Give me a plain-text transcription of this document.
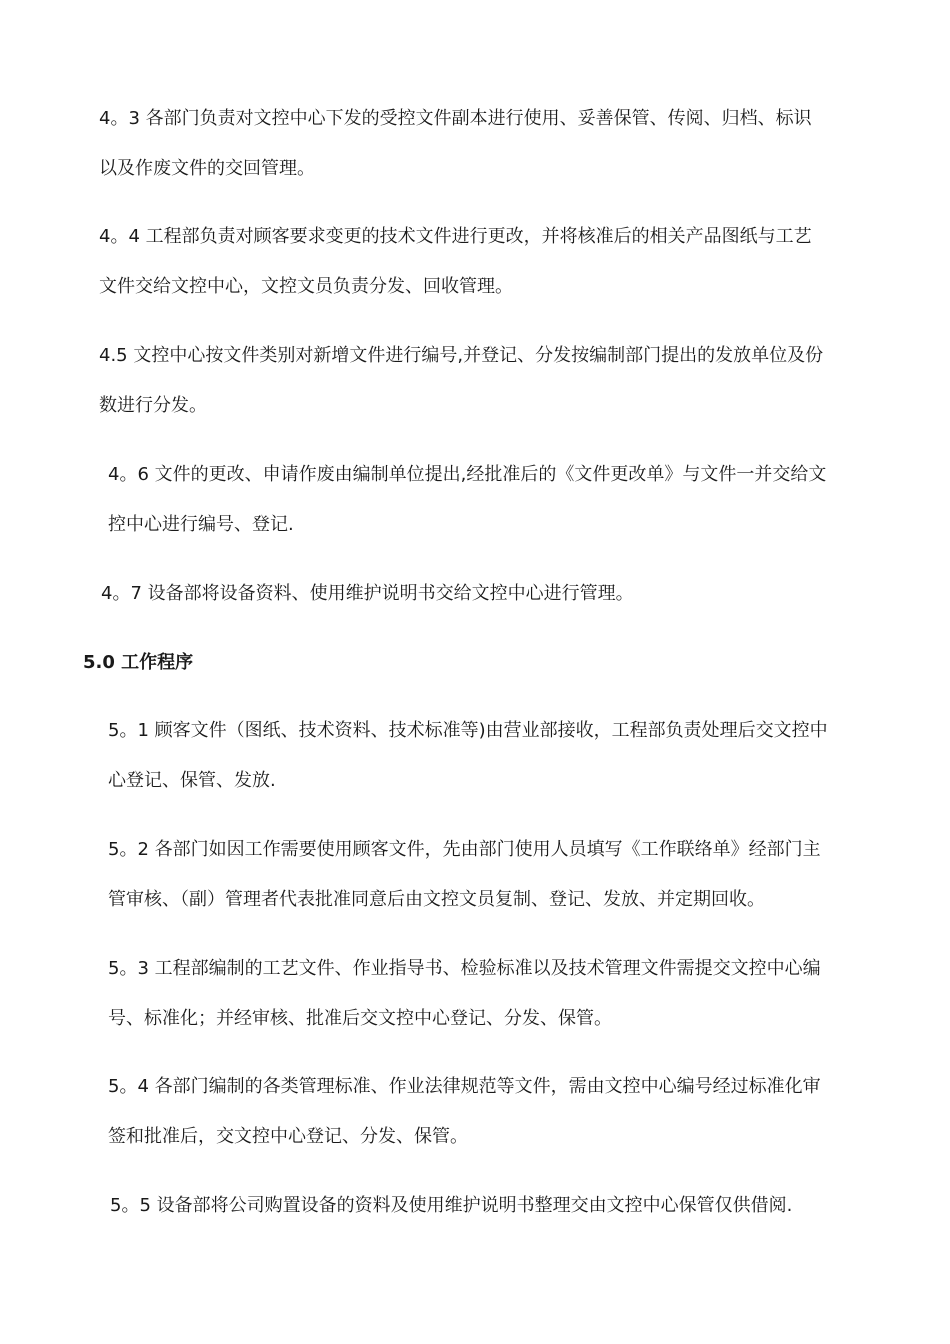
4。3 各部门负责对文控中心下发的受控文件副本进行使用、妥善保管、传阅、归档、标识
以及作废文件的交回管理。

4。4 工程部负责对顾客要求变更的技术文件进行更改，并将核准后的相关产品图纸与工艺
文件交给文控中心，文控文员负责分发、回收管理。

4.5 文控中心按文件类别对新增文件进行编号,并登记、分发按编制部门提出的发放单位及份
数进行分发。

4。6 文件的更改、申请作废由编制单位提出,经批准后的《文件更改单》与文件一并交给文
控中心进行编号、登记.

4。7 设备部将设备资料、使用维护说明书交给文控中心进行管理。

5.0 工作程序

5。1 顾客文件（图纸、技术资料、技术标准等)由营业部接收，工程部负责处理后交文控中
心登记、保管、发放.

5。2 各部门如因工作需要使用顾客文件，先由部门使用人员填写《工作联络单》经部门主
管审核、（副）管理者代表批准同意后由文控文员复制、登记、发放、并定期回收。

5。3 工程部编制的工艺文件、作业指导书、检验标准以及技术管理文件需提交文控中心编
号、标准化；并经审核、批准后交文控中心登记、分发、保管。

5。4 各部门编制的各类管理标准、作业法律规范等文件，需由文控中心编号经过标准化审
签和批准后，交文控中心登记、分发、保管。

5。5 设备部将公司购置设备的资料及使用维护说明书整理交由文控中心保管仅供借阅.
